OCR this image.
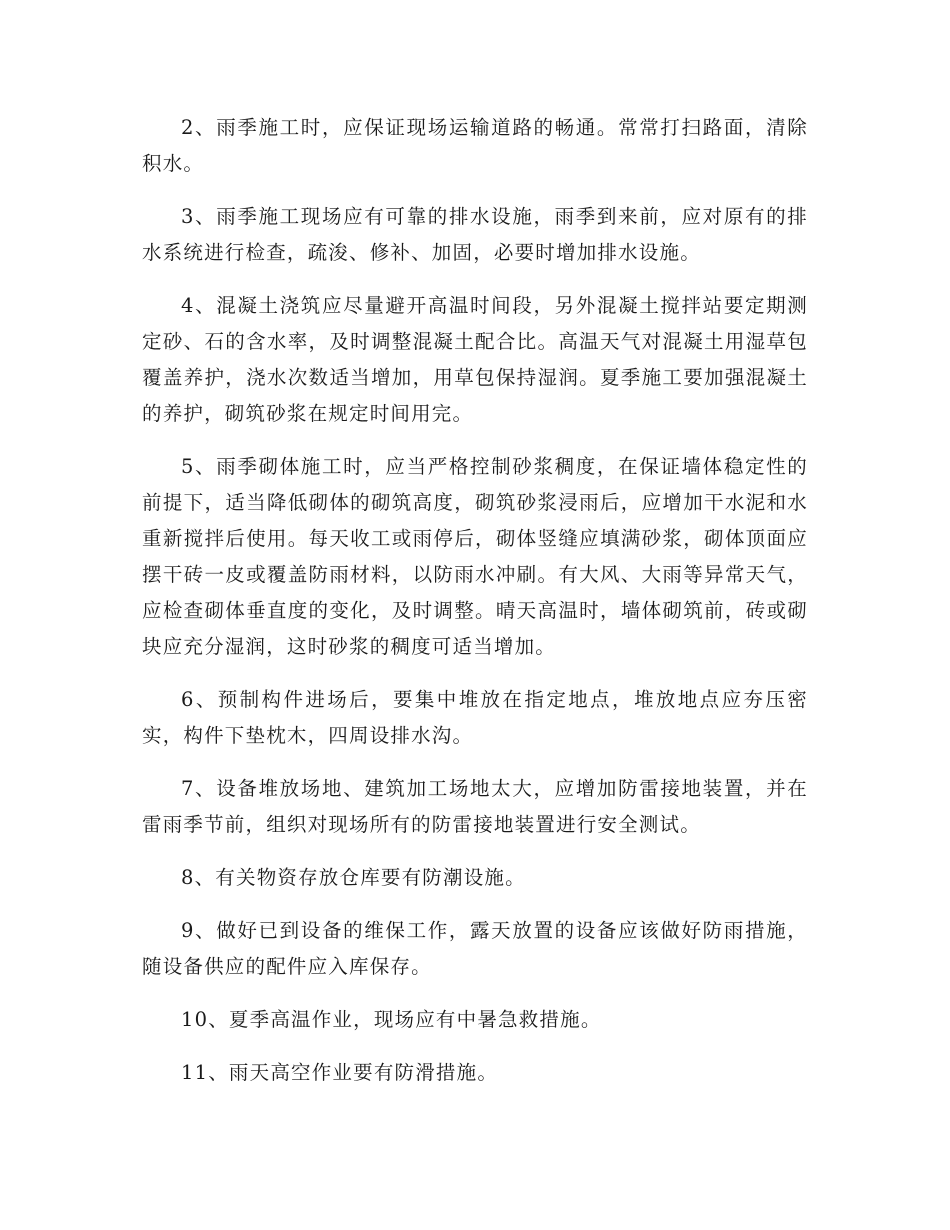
2、雨季施工时，应保证现场运输道路的畅通。常常打扫路面，清除积水。

3、雨季施工现场应有可靠的排水设施，雨季到来前，应对原有的排水系统进行检查，疏浚、修补、加固，必要时增加排水设施。

4、混凝土浇筑应尽量避开高温时间段，另外混凝土搅拌站要定期测定砂、石的含水率，及时调整混凝土配合比。高温天气对混凝土用湿草包覆盖养护，浇水次数适当增加，用草包保持湿润。夏季施工要加强混凝土的养护，砌筑砂浆在规定时间用完。

5、雨季砌体施工时，应当严格控制砂浆稠度，在保证墙体稳定性的前提下，适当降低砌体的砌筑高度，砌筑砂浆浸雨后，应增加干水泥和水重新搅拌后使用。每天收工或雨停后，砌体竖缝应填满砂浆，砌体顶面应摆干砖一皮或覆盖防雨材料，以防雨水冲刷。有大风、大雨等异常天气，应检查砌体垂直度的变化，及时调整。晴天高温时，墙体砌筑前，砖或砌块应充分湿润，这时砂浆的稠度可适当增加。

6、预制构件进场后，要集中堆放在指定地点，堆放地点应夯压密实，构件下垫枕木，四周设排水沟。

7、设备堆放场地、建筑加工场地太大，应增加防雷接地装置，并在雷雨季节前，组织对现场所有的防雷接地装置进行安全测试。

8、有关物资存放仓库要有防潮设施。

9、做好已到设备的维保工作，露天放置的设备应该做好防雨措施，随设备供应的配件应入库保存。

10、夏季高温作业，现场应有中暑急救措施。

11、雨天高空作业要有防滑措施。
